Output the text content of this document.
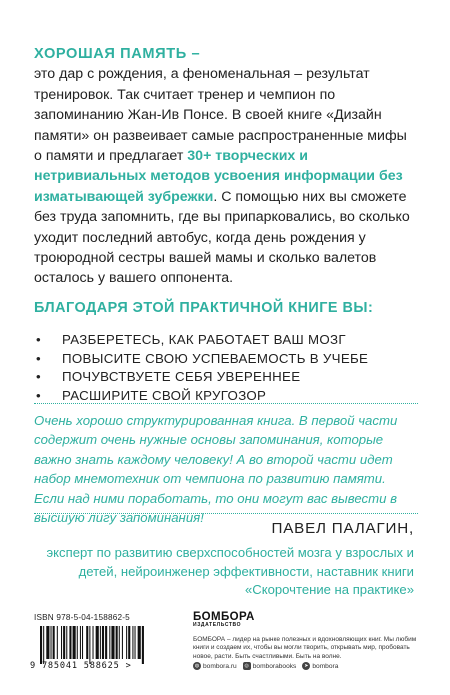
ХОРОШАЯ ПАМЯТЬ –

это дар с рождения, а феноменальная – результат тренировок. Так считает тренер и чемпион по запоминанию Жан-Ив Понсе. В своей книге «Дизайн памяти» он развеивает самые распространенные мифы о памяти и предлагает 30+ творческих и нетривиальных методов усвоения информации без изматывающей зубрежки. С помощью них вы сможете без труда запомнить, где вы припарковались, во сколько уходит последний автобус, когда день рождения у троюродной сестры вашей мамы и сколько валетов осталось у вашего оппонента.

БЛАГОДАРЯ ЭТОЙ ПРАКТИЧНОЙ КНИГЕ ВЫ:
• РАЗБЕРЕТЕСЬ, КАК РАБОТАЕТ ВАШ МОЗГ
• ПОВЫСИТЕ СВОЮ УСПЕВАЕМОСТЬ В УЧЕБЕ
• ПОЧУВСТВУЕТЕ СЕБЯ УВЕРЕННЕЕ
• РАСШИРИТЕ СВОЙ КРУГОЗОР
Очень хорошо структурированная книга. В первой части содержит очень нужные основы запоминания, которые важно знать каждому человеку! А во второй части идет набор мнемотехник от чемпиона по развитию памяти. Если над ними поработать, то они могут вас вывести в высшую лигу запоминания!
ПАВЕЛ ПАЛАГИН,
эксперт по развитию сверхспособностей мозга у взрослых и детей, нейроинженер эффективности, наставник книги «Скорочтение на практике»
ISBN 978-5-04-158862-5
9 785041 588625 >
БОМБОРА
ИЗДАТЕЛЬСТВО
БОМБОРА – лидер на рынке полезных и вдохновляющих книг. Мы любим книги и создаем их, чтобы вы могли творить, открывать мир, пробовать новое, расти. Быть счастливыми. Быть на волне.
◍ bombora.ru	◎ bomborabooks	➤ bombora
